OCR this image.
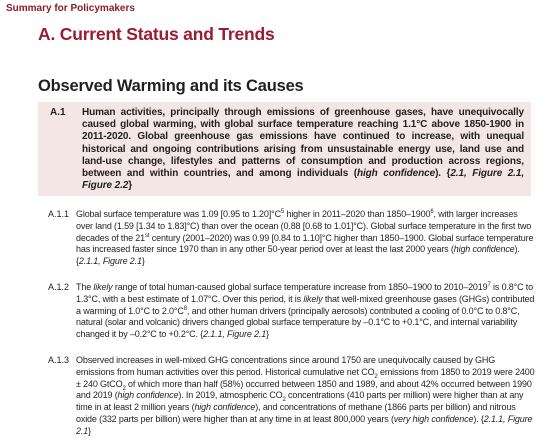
Summary for Policymakers
A. Current Status and Trends
Observed Warming and its Causes
A.1 Human activities, principally through emissions of greenhouse gases, have unequivocally caused global warming, with global surface temperature reaching 1.1°C above 1850-1900 in 2011-2020. Global greenhouse gas emissions have continued to increase, with unequal historical and ongoing contributions arising from unsustainable energy use, land use and land-use change, lifestyles and patterns of consumption and production across regions, between and within countries, and among individuals (high confidence). {2.1, Figure 2.1, Figure 2.2}
A.1.1 Global surface temperature was 1.09 [0.95 to $1.20]^\circ C^5$ higher in 2011–2020 than 1850–1900$^6$, with larger increases over land (1.59 [1.34 to 1.83]°C) than over the ocean (0.88 [0.68 to 1.01]°C). Global surface temperature in the first two decades of the 21st century (2001–2020) was 0.99 [0.84 to 1.10]°C higher than 1850–1900. Global surface temperature has increased faster since 1970 than in any other 50-year period over at least the last 2000 years (high confidence). {2.1.1, Figure 2.1}
A.1.2 The likely range of total human-caused global surface temperature increase from 1850–1900 to 2010–2019$^7$ is 0.8°C to 1.3°C, with a best estimate of 1.07°C. Over this period, it is likely that well-mixed greenhouse gases (GHGs) contributed a warming of 1.0°C to $2.0^\circ C^8$, and other human drivers (principally aerosols) contributed a cooling of 0.0°C to 0.8°C, natural (solar and volcanic) drivers changed global surface temperature by –0.1°C to +0.1°C, and internal variability changed it by –0.2°C to +0.2°C. {2.1.1, Figure 2.1}
A.1.3 Observed increases in well-mixed GHG concentrations since around 1750 are unequivocally caused by GHG emissions from human activities over this period. Historical cumulative net $CO_2$ emissions from 1850 to 2019 were 2400 ± 240 GtCO$_2$ of which more than half (58%) occurred between 1850 and 1989, and about 42% occurred between 1990 and 2019 (high confidence). In 2019, atmospheric $CO_2$ concentrations (410 parts per million) were higher than at any time in at least 2 million years (high confidence), and concentrations of methane (1866 parts per billion) and nitrous oxide (332 parts per billion) were higher than at any time in at least 800,000 years (very high confidence). {2.1.1, Figure 2.1}
